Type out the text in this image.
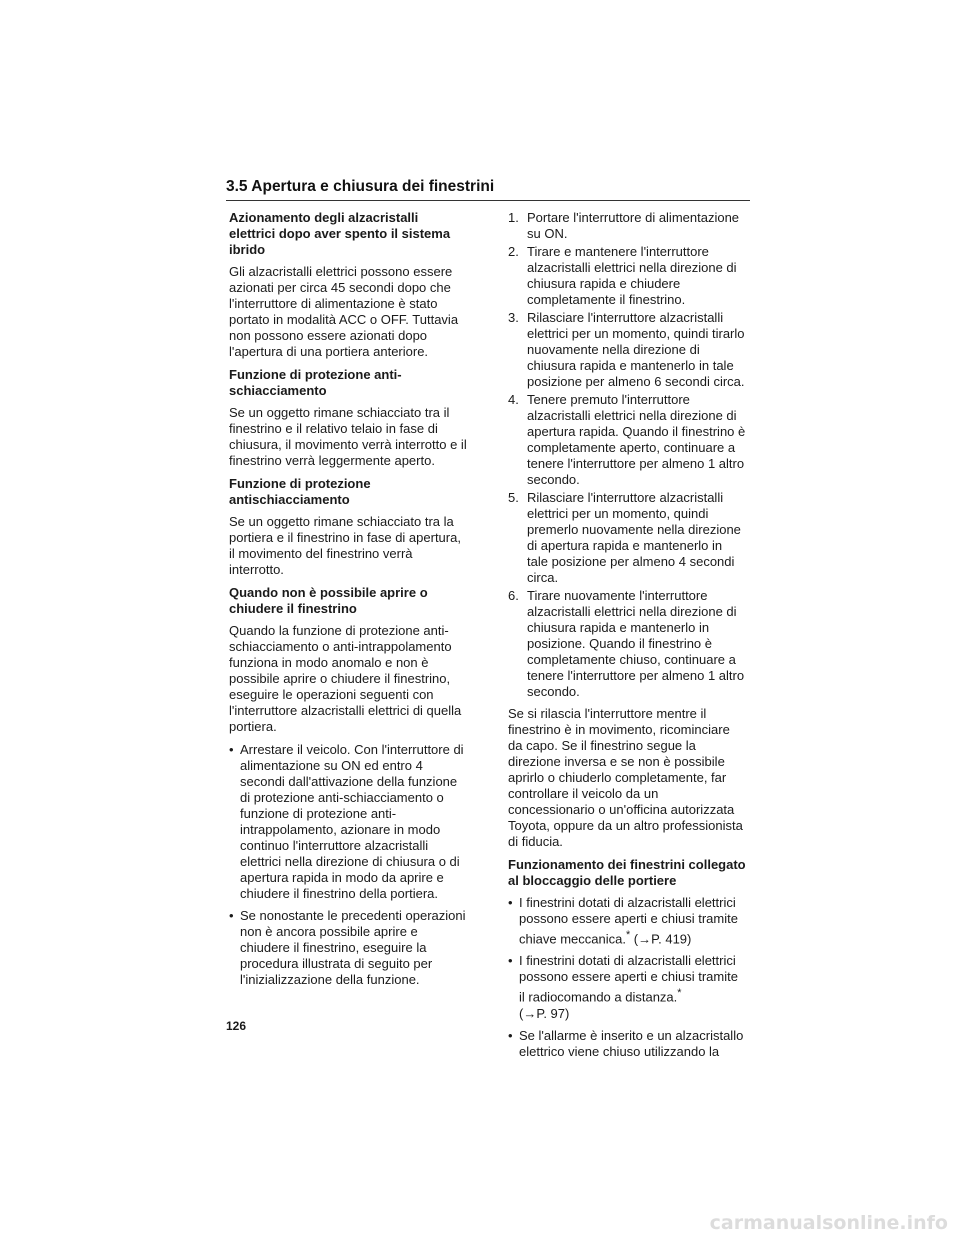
3.5 Apertura e chiusura dei finestrini
Azionamento degli alzacristalli elettrici dopo aver spento il sistema ibrido

Gli alzacristalli elettrici possono essere azionati per circa 45 secondi dopo che l'interruttore di alimentazione è stato portato in modalità ACC o OFF. Tuttavia non possono essere azionati dopo l'apertura di una portiera anteriore.

Funzione di protezione anti-schiacciamento

Se un oggetto rimane schiacciato tra il finestrino e il relativo telaio in fase di chiusura, il movimento verrà interrotto e il finestrino verrà leggermente aperto.

Funzione di protezione antischiacciamento

Se un oggetto rimane schiacciato tra la portiera e il finestrino in fase di apertura, il movimento del finestrino verrà interrotto.

Quando non è possibile aprire o chiudere il finestrino

Quando la funzione di protezione anti-schiacciamento o anti-intrappolamento funziona in modo anomalo e non è possibile aprire o chiudere il finestrino, eseguire le operazioni seguenti con l'interruttore alzacristalli elettrici di quella portiera.

• Arrestare il veicolo. Con l'interruttore di alimentazione su ON ed entro 4 secondi dall'attivazione della funzione di protezione anti-schiacciamento o funzione di protezione anti-intrappolamento, azionare in modo continuo l'interruttore alzacristalli elettrici nella direzione di chiusura o di apertura rapida in modo da aprire e chiudere il finestrino della portiera.
• Se nonostante le precedenti operazioni non è ancora possibile aprire e chiudere il finestrino, eseguire la procedura illustrata di seguito per l'inizializzazione della funzione.
1. Portare l'interruttore di alimentazione su ON.
2. Tirare e mantenere l'interruttore alzacristalli elettrici nella direzione di chiusura rapida e chiudere completamente il finestrino.
3. Rilasciare l'interruttore alzacristalli elettrici per un momento, quindi tirarlo nuovamente nella direzione di chiusura rapida e mantenerlo in tale posizione per almeno 6 secondi circa.
4. Tenere premuto l'interruttore alzacristalli elettrici nella direzione di apertura rapida. Quando il finestrino è completamente aperto, continuare a tenere l'interruttore per almeno 1 altro secondo.
5. Rilasciare l'interruttore alzacristalli elettrici per un momento, quindi premerlo nuovamente nella direzione di apertura rapida e mantenerlo in tale posizione per almeno 4 secondi circa.
6. Tirare nuovamente l'interruttore alzacristalli elettrici nella direzione di chiusura rapida e mantenerlo in posizione. Quando il finestrino è completamente chiuso, continuare a tenere l'interruttore per almeno 1 altro secondo.

Se si rilascia l'interruttore mentre il finestrino è in movimento, ricominciare da capo. Se il finestrino segue la direzione inversa e se non è possibile aprirlo o chiuderlo completamente, far controllare il veicolo da un concessionario o un'officina autorizzata Toyota, oppure da un altro professionista di fiducia.

Funzionamento dei finestrini collegato al bloccaggio delle portiere
• I finestrini dotati di alzacristalli elettrici possono essere aperti e chiusi tramite chiave meccanica.* (→P. 419)
• I finestrini dotati di alzacristalli elettrici possono essere aperti e chiusi tramite il radiocomando a distanza.*
(→P. 97)
• Se l'allarme è inserito e un alzacristallo elettrico viene chiuso utilizzando la
126
carmanualsonline.info
